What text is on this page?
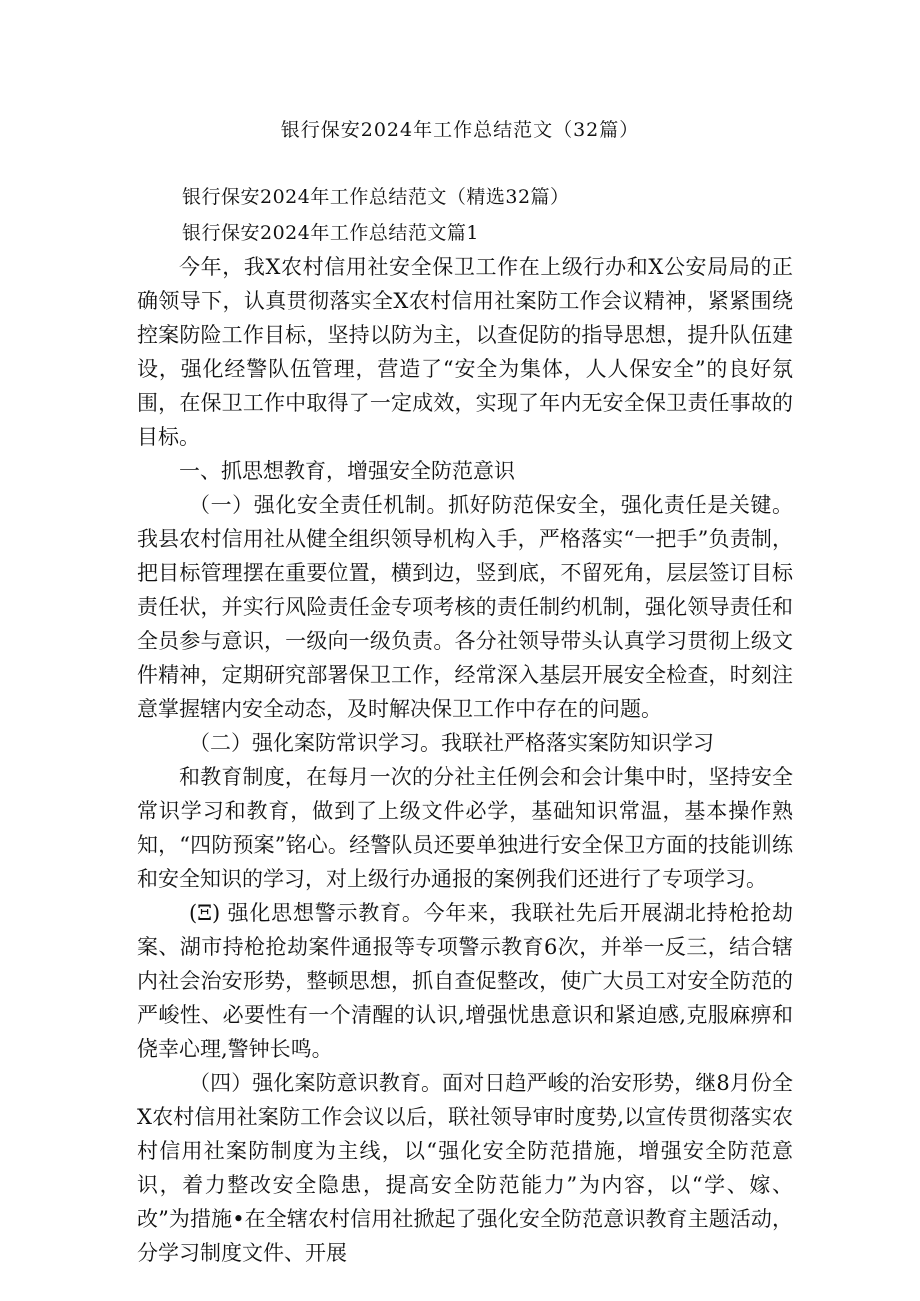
银行保安2024年工作总结范文（32篇）

银行保安2024年工作总结范文（精选32篇）

银行保安2024年工作总结范文篇1

今年，我X农村信用社安全保卫工作在上级行办和X公安局局的正确领导下，认真贯彻落实全X农村信用社案防工作会议精神，紧紧围绕控案防险工作目标，坚持以防为主，以查促防的指导思想，提升队伍建设，强化经警队伍管理，营造了“安全为集体，人人保安全”的良好氛围，在保卫工作中取得了一定成效，实现了年内无安全保卫责任事故的目标。

一、抓思想教育，增强安全防范意识

（一）强化安全责任机制。抓好防范保安全，强化责任是关键。我县农村信用社从健全组织领导机构入手，严格落实“一把手”负责制，把目标管理摆在重要位置，横到边，竖到底，不留死角，层层签订目标责任状，并实行风险责任金专项考核的责任制约机制，强化领导责任和全员参与意识，一级向一级负责。各分社领导带头认真学习贯彻上级文件精神，定期研究部署保卫工作，经常深入基层开展安全检查，时刻注意掌握辖内安全动态，及时解决保卫工作中存在的问题。

（二）强化案防常识学习。我联社严格落实案防知识学习

和教育制度，在每月一次的分社主任例会和会计集中时，坚持安全常识学习和教育，做到了上级文件必学，基础知识常温，基本操作熟知，“四防预案”铭心。经警队员还要单独进行安全保卫方面的技能训练和安全知识的学习，对上级行办通报的案例我们还进行了专项学习。

(Ξ) 强化思想警示教育。今年来，我联社先后开展湖北持枪抢劫案、湖市持枪抢劫案件通报等专项警示教育6次，并举一反三，结合辖内社会治安形势，整顿思想，抓自查促整改，使广大员工对安全防范的严峻性、必要性有一个清醒的认识,增强忧患意识和紧迫感,克服麻痹和侥幸心理,警钟长鸣。

（四）强化案防意识教育。面对日趋严峻的治安形势，继8月份全X农村信用社案防工作会议以后，联社领导审时度势,以宣传贯彻落实农村信用社案防制度为主线，以“强化安全防范措施，增强安全防范意识，着力整改安全隐患，提高安全防范能力”为内容，以“学、嫁、改”为措施•在全辖农村信用社掀起了强化安全防范意识教育主题活动，分学习制度文件、开展
